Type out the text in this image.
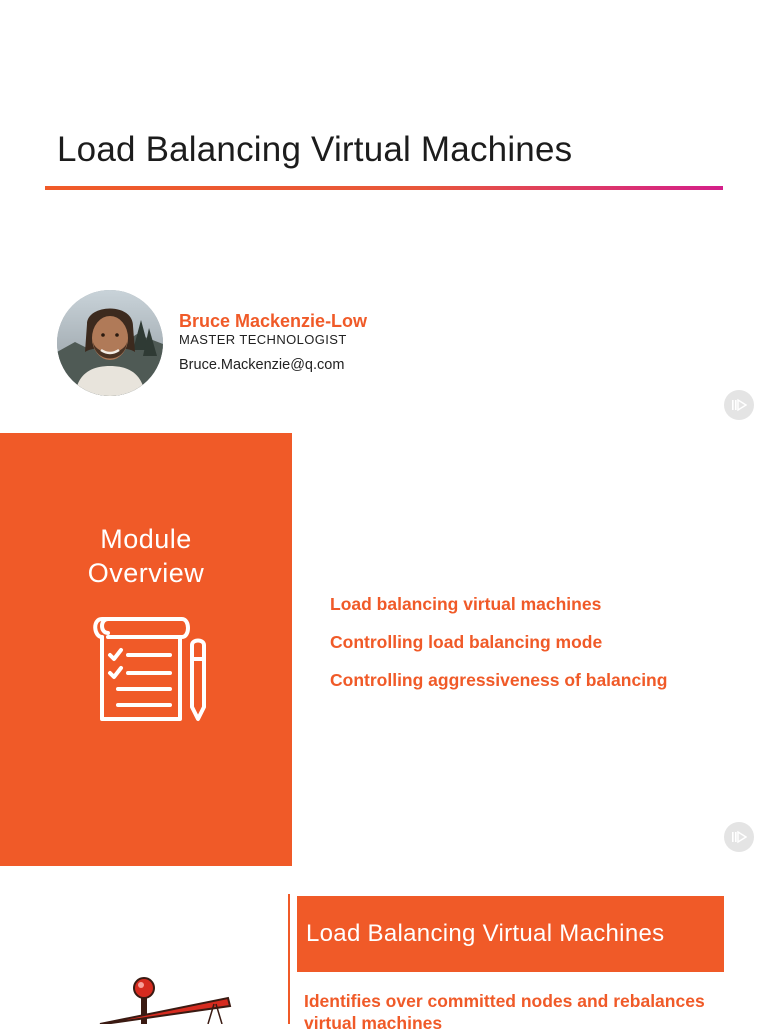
Load Balancing Virtual Machines
Bruce Mackenzie-Low
MASTER TECHNOLOGIST
Bruce.Mackenzie@q.com
Module
Overview
Load balancing virtual machines
Controlling load balancing mode
Controlling aggressiveness of balancing
Load Balancing Virtual Machines
Identifies over committed nodes and rebalances virtual machines
